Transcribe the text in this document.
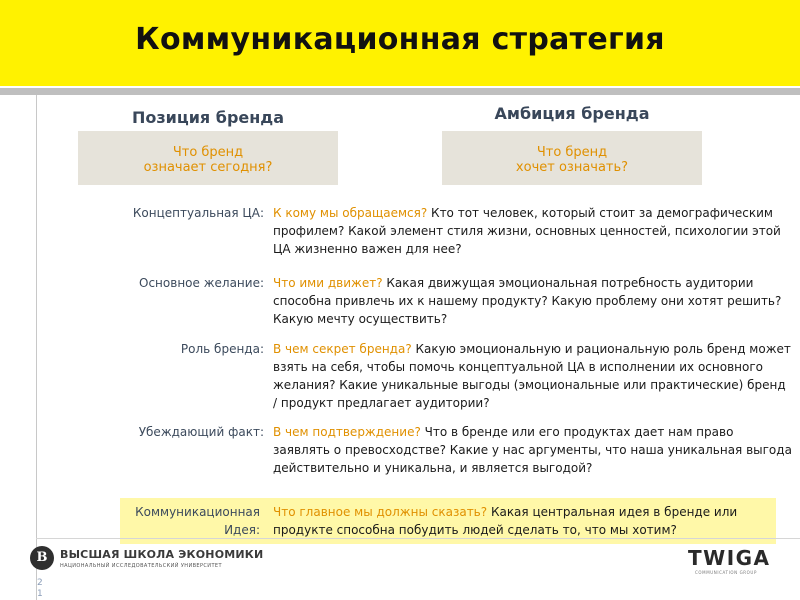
Коммуникационная стратегия
Позиция бренда
Что бренд
означает сегодня?
Амбиция бренда
Что бренд
хочет означать?
Концептуальная ЦА: К кому мы обращаемся? Кто тот человек, который стоит за демографическим профилем? Какой элемент стиля жизни, основных ценностей, психологии этой ЦА жизненно важен для нее?
Основное желание: Что ими движет? Какая движущая эмоциональная потребность аудитории способна привлечь их к нашему продукту? Какую проблему они хотят решить? Какую мечту осуществить?
Роль бренда: В чем секрет бренда? Какую эмоциональную и рациональную роль бренд может взять на себя, чтобы помочь концептуальной ЦА в исполнении их основного желания? Какие уникальные выгоды (эмоциональные или практические) бренд / продукт предлагает аудитории?
Убеждающий факт: В чем подтверждение? Что в бренде или его продуктах дает нам право заявлять о превосходстве? Какие у нас аргументы, что наша уникальная выгода действительно и уникальна, и является выгодой?
Коммуникационная
Идея:
Что главное мы должны сказать? Какая центральная идея в бренде или продукте способна побудить людей сделать то, что мы хотим?
В	ВЫСШАЯ ШКОЛА ЭКОНОМИКИ
НАЦИОНАЛЬНЫЙ ИССЛЕДОВАТЕЛЬСКИЙ УНИВЕРСИТЕТ
21
TWIGA
COMMUNICATION GROUP
